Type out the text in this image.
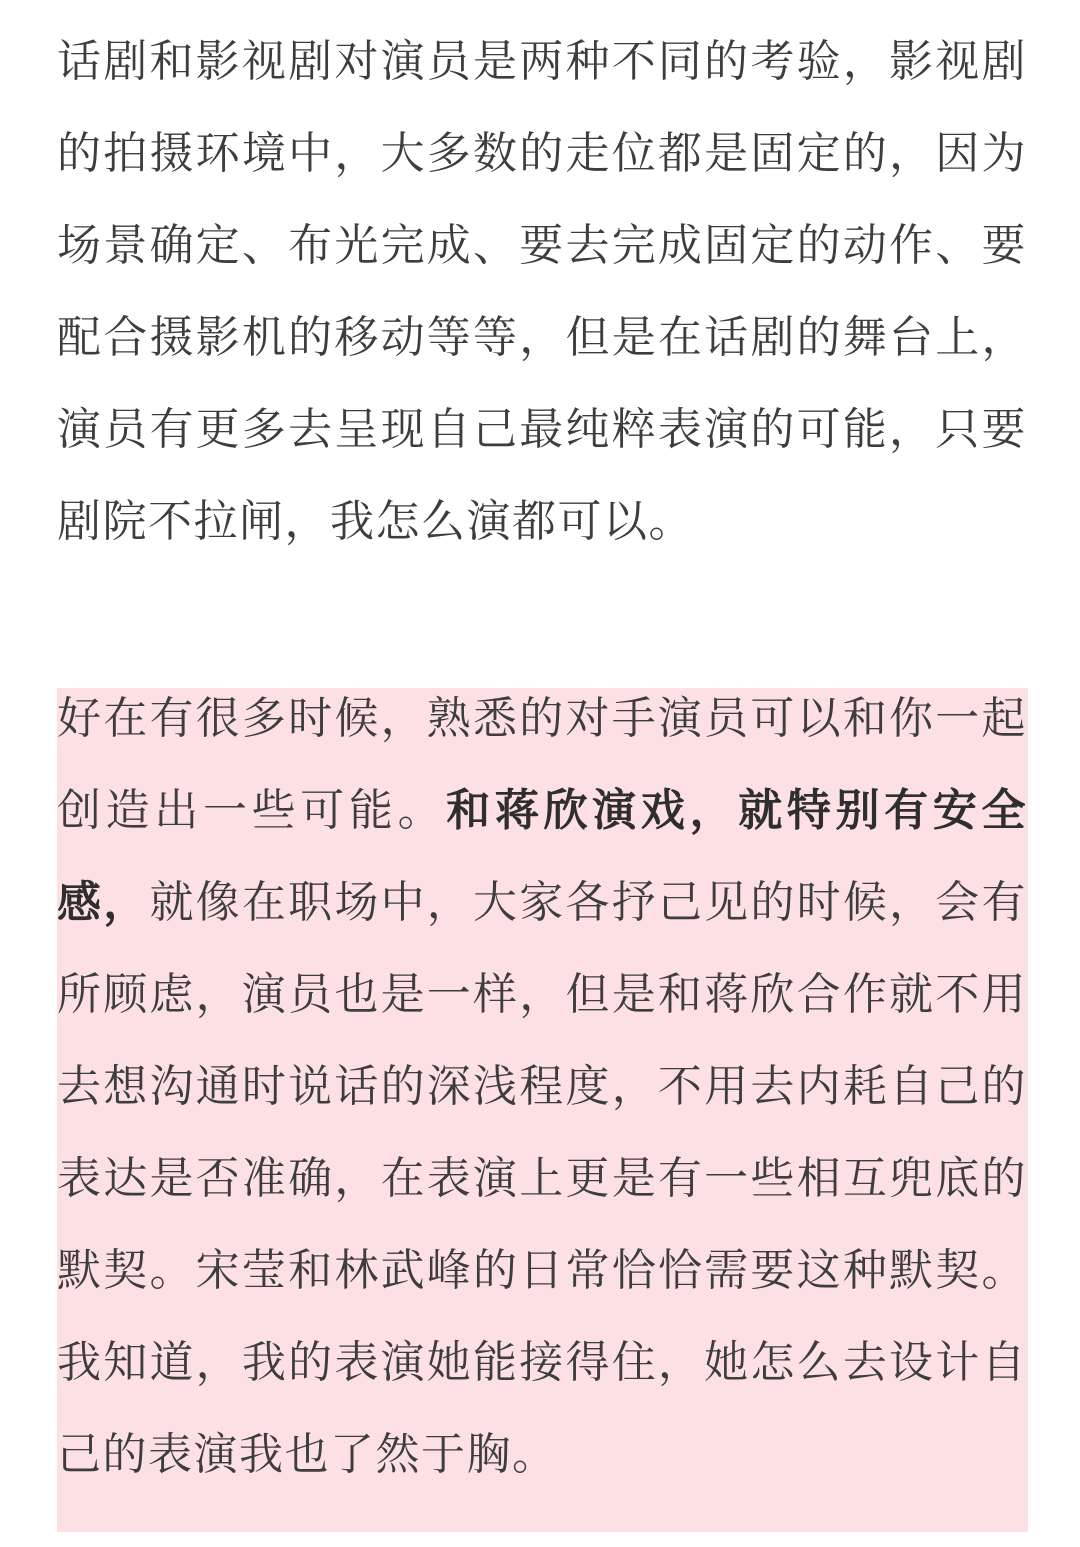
话剧和影视剧对演员是两种不同的考验，影视剧的拍摄环境中，大多数的走位都是固定的，因为场景确定、布光完成、要去完成固定的动作、要配合摄影机的移动等等，但是在话剧的舞台上，演员有更多去呈现自己最纯粹表演的可能，只要剧院不拉闸，我怎么演都可以。

好在有很多时候，熟悉的对手演员可以和你一起创造出一些可能。和蒋欣演戏，就特别有安全感，就像在职场中，大家各抒己见的时候，会有所顾虑，演员也是一样，但是和蒋欣合作就不用去想沟通时说话的深浅程度，不用去内耗自己的表达是否准确，在表演上更是有一些相互兜底的默契。宋莹和林武峰的日常恰恰需要这种默契。我知道，我的表演她能接得住，她怎么去设计自己的表演我也了然于胸。
